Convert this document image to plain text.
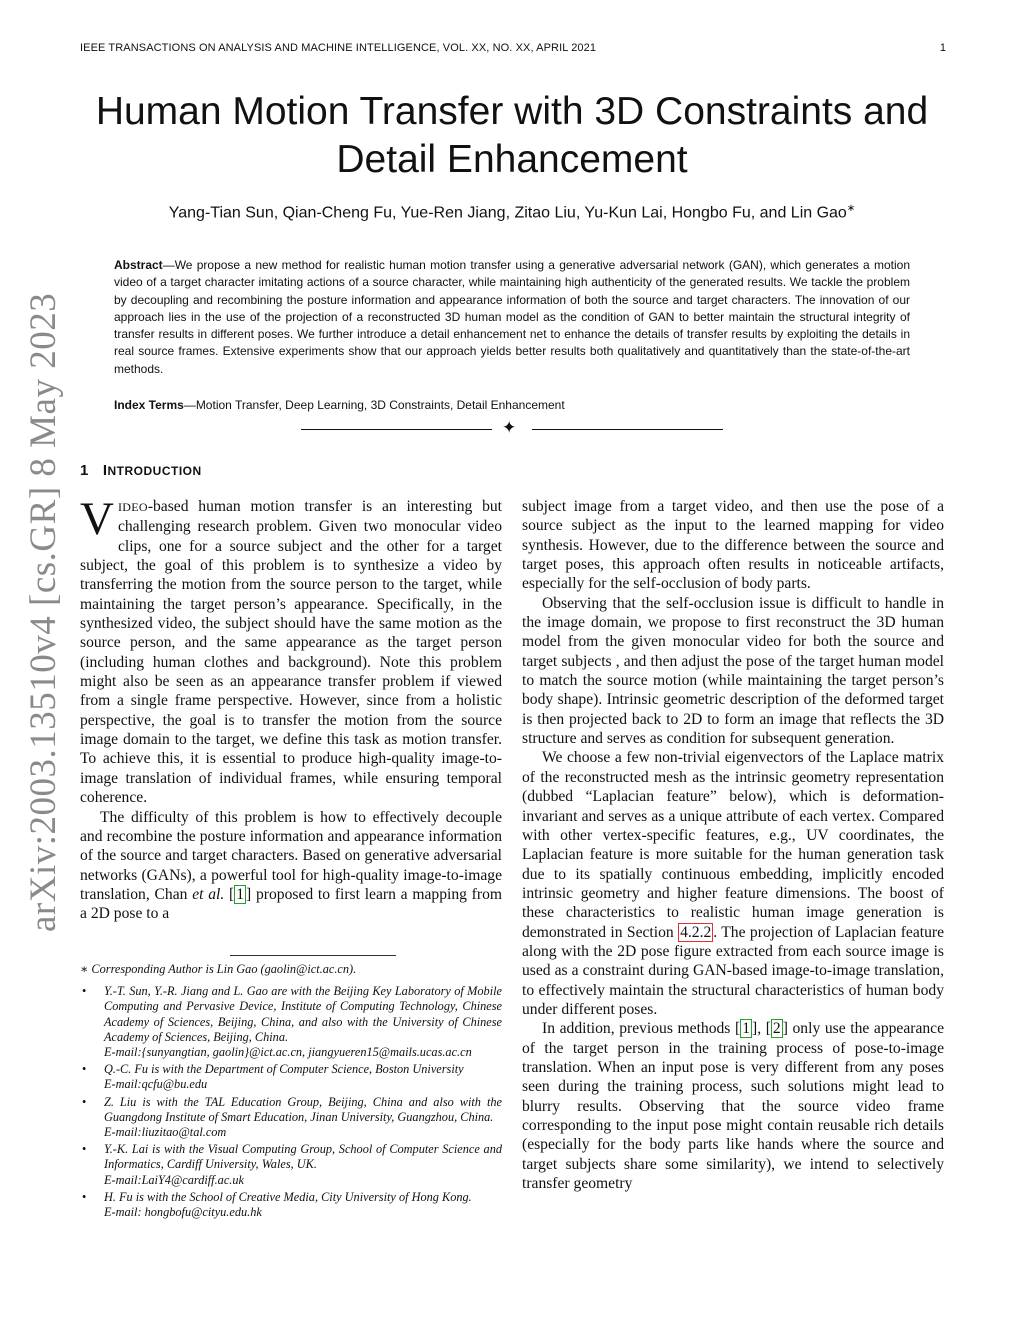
IEEE TRANSACTIONS ON ANALYSIS AND MACHINE INTELLIGENCE, VOL. XX, NO. XX, APRIL 2021	1
arXiv:2003.13510v4 [cs.GR] 8 May 2023
Human Motion Transfer with 3D Constraints and Detail Enhancement
Yang-Tian Sun, Qian-Cheng Fu, Yue-Ren Jiang, Zitao Liu, Yu-Kun Lai, Hongbo Fu, and Lin Gao∗
Abstract—We propose a new method for realistic human motion transfer using a generative adversarial network (GAN), which generates a motion video of a target character imitating actions of a source character, while maintaining high authenticity of the generated results. We tackle the problem by decoupling and recombining the posture information and appearance information of both the source and target characters. The innovation of our approach lies in the use of the projection of a reconstructed 3D human model as the condition of GAN to better maintain the structural integrity of transfer results in different poses. We further introduce a detail enhancement net to enhance the details of transfer results by exploiting the details in real source frames. Extensive experiments show that our approach yields better results both qualitatively and quantitatively than the state-of-the-art methods.
Index Terms—Motion Transfer, Deep Learning, 3D Constraints, Detail Enhancement
✦
1 INTRODUCTION

VIDEO-based human motion transfer is an interesting but challenging research problem. Given two monocular video clips, one for a source subject and the other for a target subject, the goal of this problem is to synthesize a video by transferring the motion from the source person to the target, while maintaining the target person’s appearance. Specifically, in the synthesized video, the subject should have the same motion as the source person, and the same appearance as the target person (including human clothes and background). Note this problem might also be seen as an appearance transfer problem if viewed from a single frame perspective. However, since from a holistic perspective, the goal is to transfer the motion from the source image domain to the target, we define this task as motion transfer. To achieve this, it is essential to produce high-quality image-to-image translation of individual frames, while ensuring temporal coherence.

The difficulty of this problem is how to effectively decouple and recombine the posture information and appearance information of the source and target characters. Based on generative adversarial networks (GANs), a powerful tool for high-quality image-to-image translation, Chan et al. [ 1 ] proposed to first learn a mapping from a 2D pose to a

∗ Corresponding Author is Lin Gao (gaolin@ict.ac.cn).
• Y.-T. Sun, Y.-R. Jiang and L. Gao are with the Beijing Key Laboratory of Mobile Computing and Pervasive Device, Institute of Computing Technology, Chinese Academy of Sciences, Beijing, China, and also with the University of Chinese Academy of Sciences, Beijing, China.
E-mail:{sunyangtian, gaolin}@ict.ac.cn, jiangyueren15@mails.ucas.ac.cn
• Q.-C. Fu is with the Department of Computer Science, Boston University
E-mail:qcfu@bu.edu
• Z. Liu is with the TAL Education Group, Beijing, China and also with the Guangdong Institute of Smart Education, Jinan University, Guangzhou, China.
E-mail:liuzitao@tal.com
• Y.-K. Lai is with the Visual Computing Group, School of Computer Science and Informatics, Cardiff University, Wales, UK.
E-mail:LaiY4@cardiff.ac.uk
• H. Fu is with the School of Creative Media, City University of Hong Kong.
E-mail: hongbofu@cityu.edu.hk

subject image from a target video, and then use the pose of a source subject as the input to the learned mapping for video synthesis. However, due to the difference between the source and target poses, this approach often results in noticeable artifacts, especially for the self-occlusion of body parts.

Observing that the self-occlusion issue is difficult to handle in the image domain, we propose to first reconstruct the 3D human model from the given monocular video for both the source and target subjects , and then adjust the pose of the target human model to match the source motion (while maintaining the target person’s body shape). Intrinsic geometric description of the deformed target is then projected back to 2D to form an image that reflects the 3D structure and serves as condition for subsequent generation.

We choose a few non-trivial eigenvectors of the Laplace matrix of the reconstructed mesh as the intrinsic geometry representation (dubbed “Laplacian feature” below), which is deformation-invariant and serves as a unique attribute of each vertex. Compared with other vertex-specific features, e.g., UV coordinates, the Laplacian feature is more suitable for the human generation task due to its spatially continuous embedding, implicitly encoded intrinsic geometry and higher feature dimensions. The boost of these characteristics to realistic human image generation is demonstrated in Section 4.2.2 . The projection of Laplacian feature along with the 2D pose figure extracted from each source image is used as a constraint during GAN-based image-to-image translation, to effectively maintain the structural characteristics of human body under different poses.

In addition, previous methods [ 1 ], [ 2 ] only use the appearance of the target person in the training process of pose-to-image translation. When an input pose is very different from any poses seen during the training process, such solutions might lead to blurry results. Observing that the source video frame corresponding to the input pose might contain reusable rich details (especially for the body parts like hands where the source and target subjects share some similarity), we intend to selectively transfer geometry
